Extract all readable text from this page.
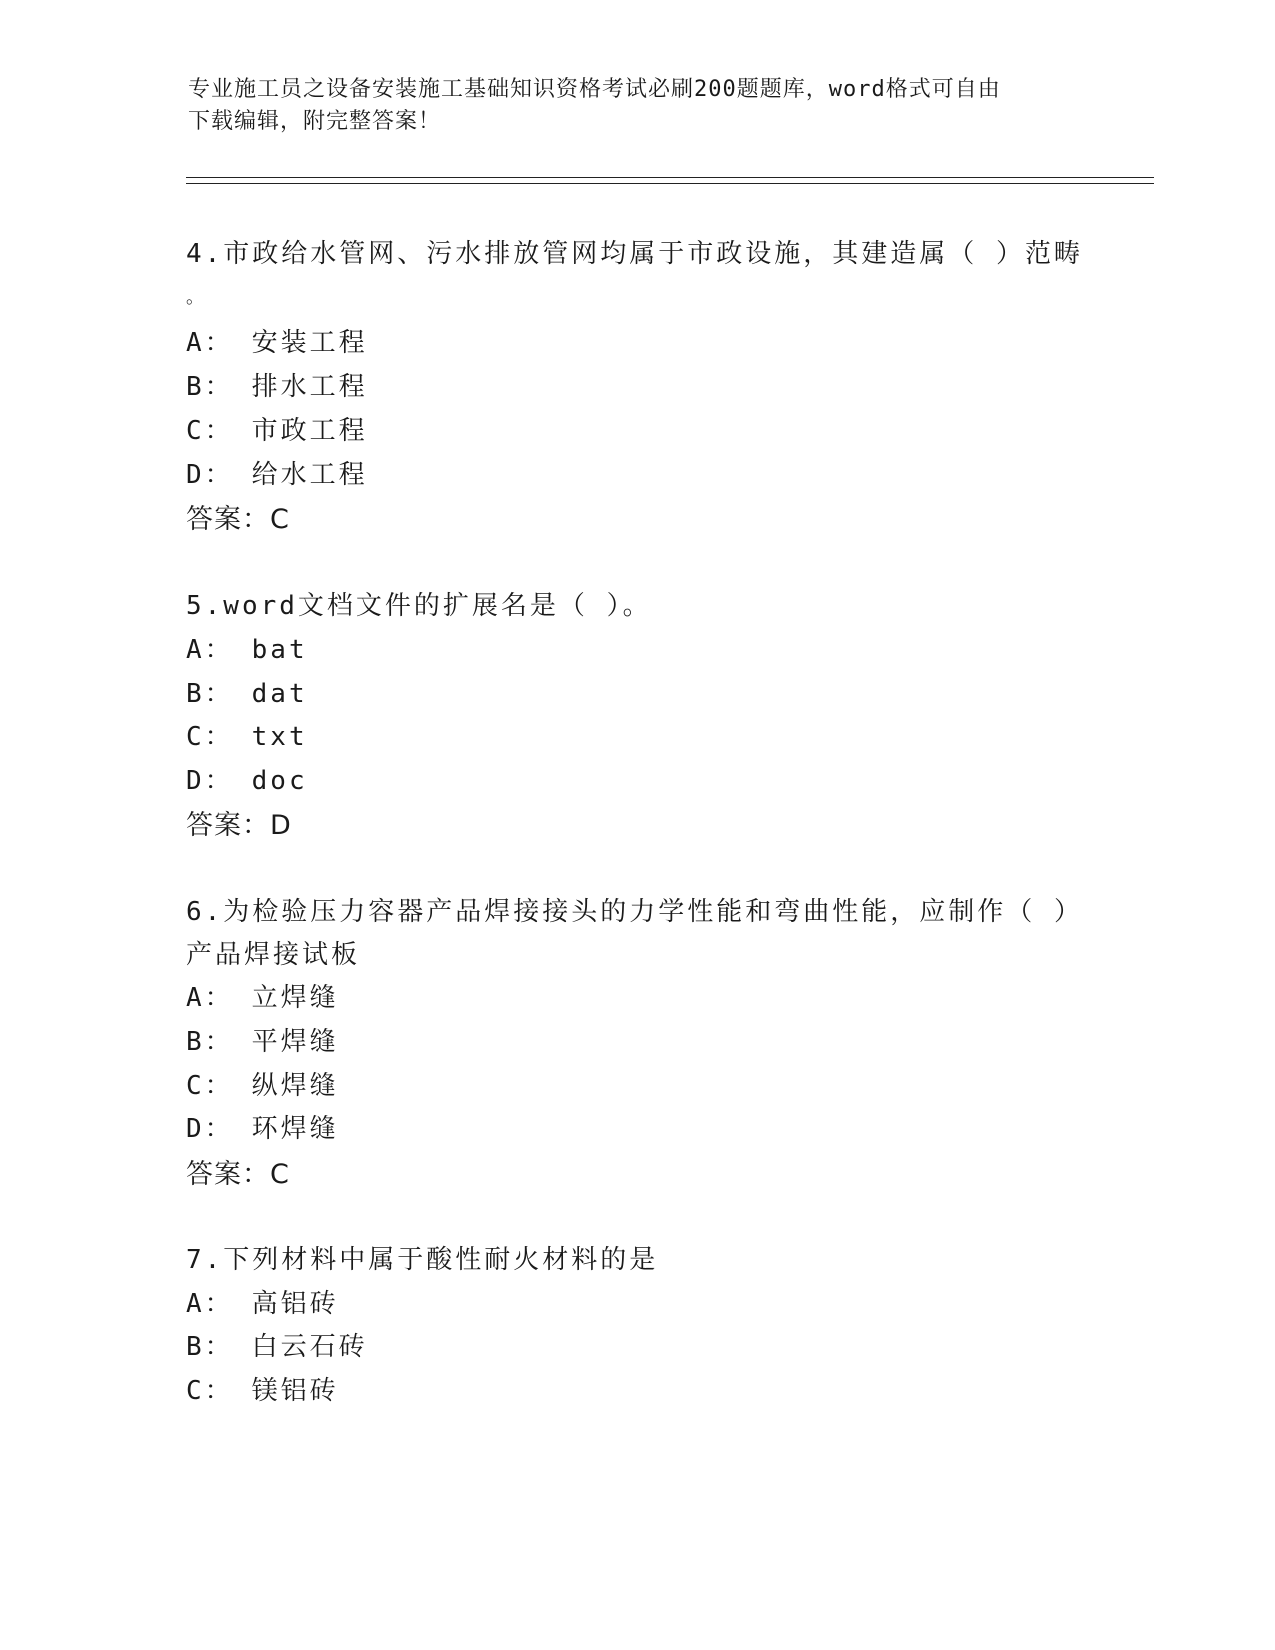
专业施工员之设备安装施工基础知识资格考试必刷200题题库，word格式可自由
下载编辑，附完整答案！
4.市政给水管网、污水排放管网均属于市政设施，其建造属（ ）范畴
。
A： 安装工程
B： 排水工程
C： 市政工程
D： 给水工程
答案：C
5.word文档文件的扩展名是（ ）。
A： bat
B： dat
C： txt
D： doc
答案：D
6.为检验压力容器产品焊接接头的力学性能和弯曲性能，应制作（ ）
产品焊接试板
A： 立焊缝
B： 平焊缝
C： 纵焊缝
D： 环焊缝
答案：C
7.下列材料中属于酸性耐火材料的是
A： 高铝砖
B： 白云石砖
C： 镁铝砖
